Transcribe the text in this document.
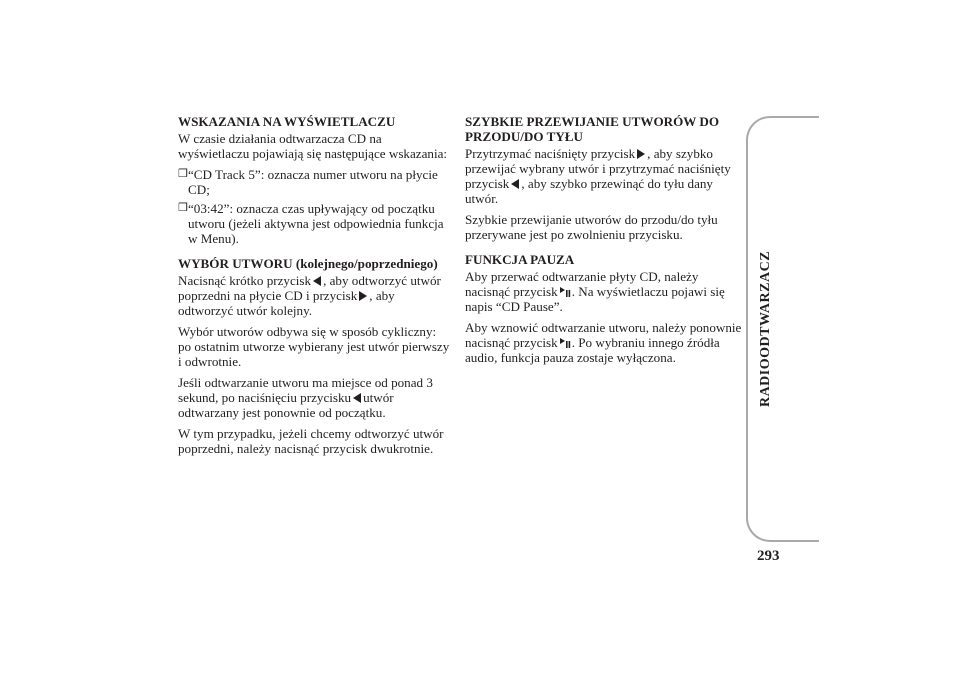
WSKAZANIA NA WYŚWIETLACZU

W czasie działania odtwarzacza CD na wyświetlaczu pojawiają się następujące wskazania:

❒ “CD Track 5”: oznacza numer utworu na płycie CD;
❒ “03:42”: oznacza czas upływający od początku utworu (jeżeli aktywna jest odpowiednia funkcja w Menu).
WYBÓR UTWORU (kolejnego/poprzedniego)

Nacisnąć krótko przycisk , aby odtworzyć utwór poprzedni na płycie CD i przycisk , aby odtworzyć utwór kolejny.

Wybór utworów odbywa się w sposób cykliczny: po ostatnim utworze wybierany jest utwór pierwszy i odwrotnie.

Jeśli odtwarzanie utworu ma miejsce od ponad 3 sekund, po naciśnięciu przycisku utwór odtwarzany jest ponownie od początku.

W tym przypadku, jeżeli chcemy odtworzyć utwór poprzedni, należy nacisnąć przycisk dwukrotnie.

SZYBKIE PRZEWIJANIE UTWORÓW DO PRZODU/DO TYŁU

Przytrzymać naciśnięty przycisk , aby szybko przewijać wybrany utwór i przytrzymać naciśnięty przycisk , aby szybko przewinąć do tyłu dany utwór.

Szybkie przewijanie utworów do przodu/do tyłu przerywane jest po zwolnieniu przycisku.

FUNKCJA PAUZA

Aby przerwać odtwarzanie płyty CD, należy nacisnąć przycisk . Na wyświetlaczu pojawi się napis “CD Pause”.

Aby wznowić odtwarzanie utworu, należy ponownie nacisnąć przycisk . Po wybraniu innego źródła audio, funkcja pauza zostaje wyłączona.	RADIOODTWARZACZ
293
